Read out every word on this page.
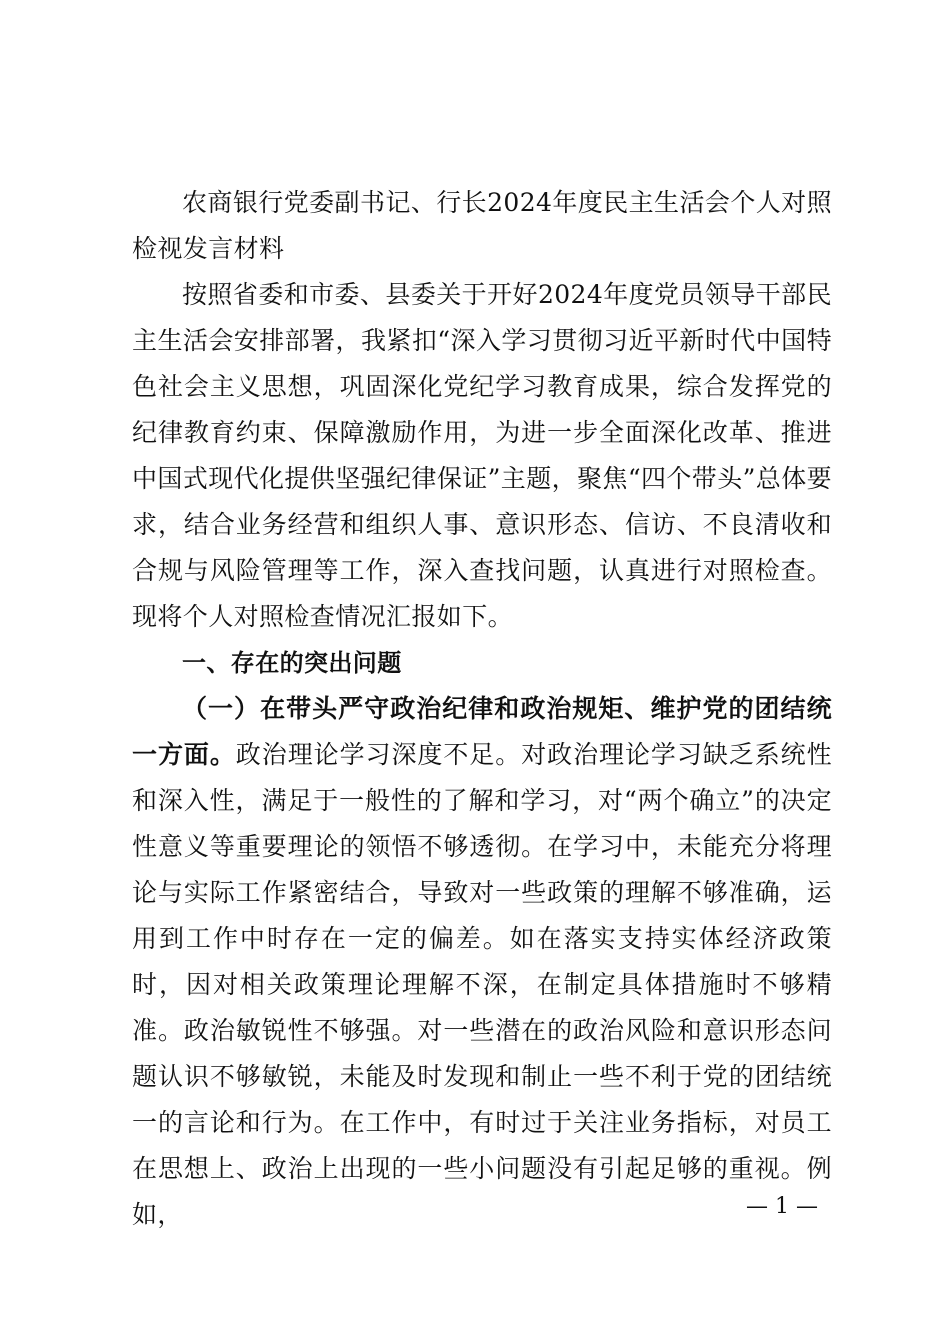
农商银行党委副书记、行长2024年度民主生活会个人对照检视发言材料

按照省委和市委、县委关于开好2024年度党员领导干部民主生活会安排部署，我紧扣“深入学习贯彻习近平新时代中国特色社会主义思想，巩固深化党纪学习教育成果，综合发挥党的纪律教育约束、保障激励作用，为进一步全面深化改革、推进中国式现代化提供坚强纪律保证”主题，聚焦“四个带头”总体要求，结合业务经营和组织人事、意识形态、信访、不良清收和合规与风险管理等工作，深入查找问题，认真进行对照检查。现将个人对照检查情况汇报如下。

一、存在的突出问题

（一）在带头严守政治纪律和政治规矩、维护党的团结统一方面。政治理论学习深度不足。对政治理论学习缺乏系统性和深入性，满足于一般性的了解和学习，对“两个确立”的决定性意义等重要理论的领悟不够透彻。在学习中，未能充分将理论与实际工作紧密结合，导致对一些政策的理解不够准确，运用到工作中时存在一定的偏差。如在落实支持实体经济政策时，因对相关政策理论理解不深，在制定具体措施时不够精准。政治敏锐性不够强。对一些潜在的政治风险和意识形态问题认识不够敏锐，未能及时发现和制止一些不利于党的团结统一的言论和行为。在工作中，有时过于关注业务指标，对员工在思想上、政治上出现的一些小问题没有引起足够的重视。例如，	— 1 —
